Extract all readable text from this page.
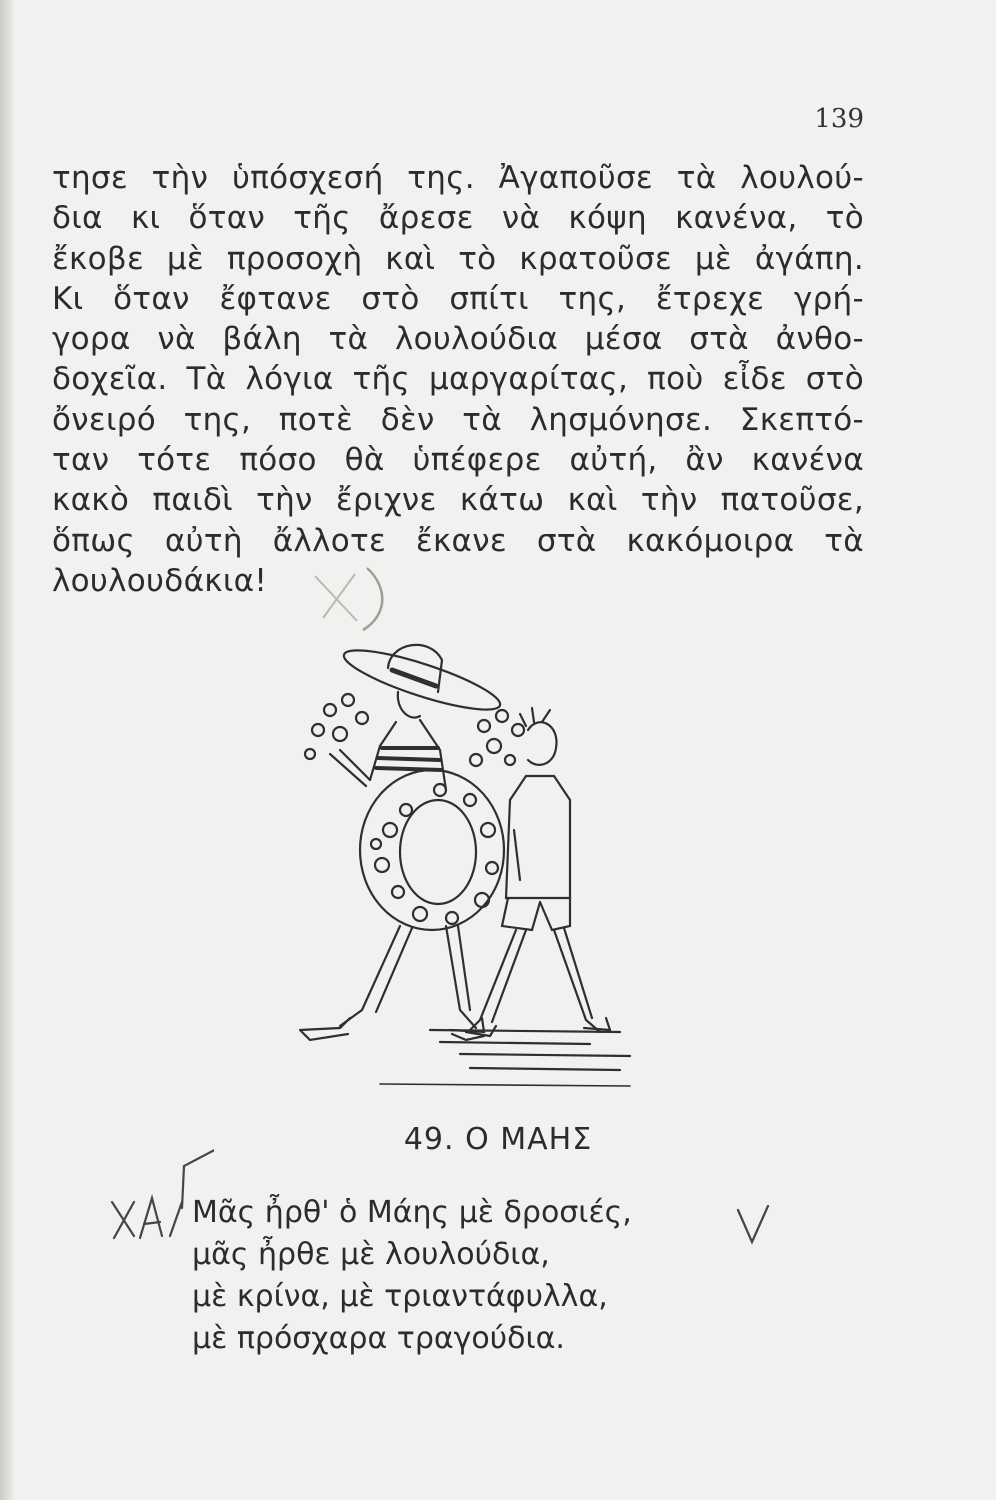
139
τησε τὴν ὑπόσχεσή της. Ἀγαποῦσε τὰ λουλού-
δια κι ὅταν τῆς ἄρεσε νὰ κόψη κανένα, τὸ
ἔκοβε μὲ προσοχὴ καὶ τὸ κρατοῦσε μὲ ἀγάπη.
Κι ὅταν ἔφτανε στὸ σπίτι της, ἔτρεχε γρή-
γορα νὰ βάλη τὰ λουλούδια μέσα στὰ ἀνθο-
δοχεῖα. Τὰ λόγια τῆς μαργαρίτας, ποὺ εἶδε στὸ
ὄνειρό της, ποτὲ δὲν τὰ λησμόνησε. Σκεπτό-
ταν τότε πόσο θὰ ὑπέφερε αὐτή, ἂν κανένα
κακὸ παιδὶ τὴν ἔριχνε κάτω καὶ τὴν πατοῦσε,
ὅπως αὐτὴ ἄλλοτε ἔκανε στὰ κακόμοιρα τὰ
λουλουδάκια!
49. Ο ΜΑΗΣ
Μᾶς ἦρθ' ὁ Μάης μὲ δροσιές,
μᾶς ἦρθε μὲ λουλούδια,
μὲ κρίνα, μὲ τριαντάφυλλα,
μὲ πρόσχαρα τραγούδια.
